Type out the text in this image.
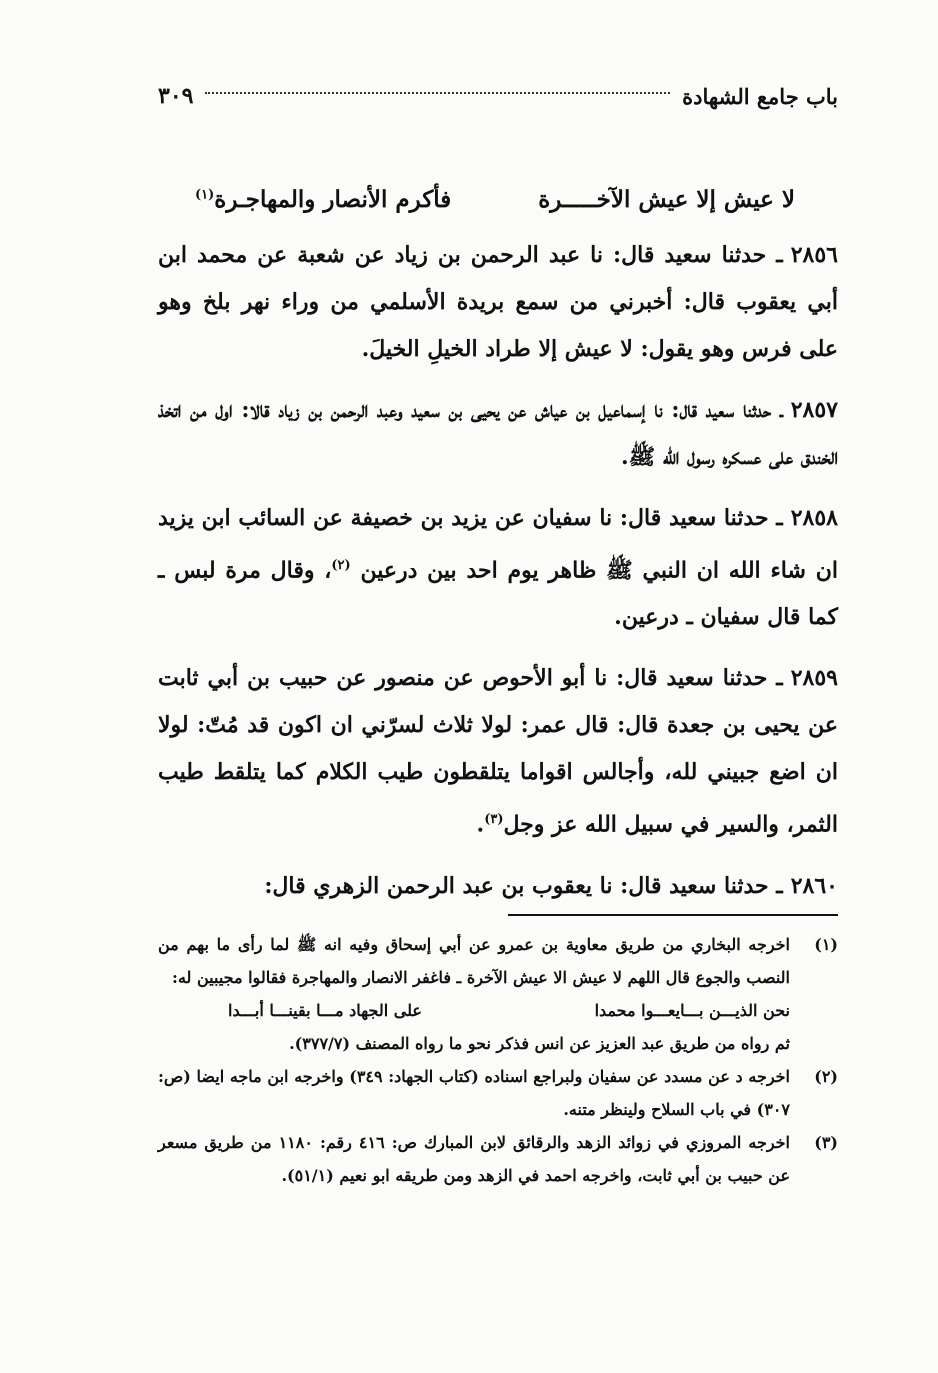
باب جامع الشهادة
٣٠٩
لا عيش إلا عيش الآخـــــرة
فأكرم الأنصار والمهاجـرة$^{(١)}$

٢٨٥٦ـ حدثنا سعيد قال: نا عبد الرحمن بن زياد عن شعبة عن محمد ابن أبي يعقوب قال: أخبرني من سمع بريدة الأسلمي من وراء نهر بلخ وهو على فرس وهو يقول: لا عيش إلا طراد الخيلِ الخيلَ.

٢٨٥٧ـ حدثنا سعيد قال: نا إسماعيل بن عياش عن يحيى بن سعيد وعبد الرحمن بن زياد قالا: اول من اتخذ الخندق على عسكره رسول الله ﷺ.

٢٨٥٨ـ حدثنا سعيد قال: نا سفيان عن يزيد بن خصيفة عن السائب ابن يزيد ان شاء الله ان النبي ﷺ ظاهر يوم احد بين درعين $^{(٢)}$، وقال مرة لبس ـ كما قال سفيان ـ درعين.

٢٨٥٩ـ حدثنا سعيد قال: نا أبو الأحوص عن منصور عن حبيب بن أبي ثابت عن يحيى بن جعدة قال: قال عمر: لولا ثلاث لسرّني ان اكون قد مُتّ: لولا ان اضع جبيني لله، وأجالس اقواما يتلقطون طيب الكلام كما يتلقط طيب الثمر، والسير في سبيل الله عز وجل$^{(٣)}$.

٢٨٦٠ـ حدثنا سعيد قال: نا يعقوب بن عبد الرحمن الزهري قال:

(١)
اخرجه البخاري من طريق معاوية بن عمرو عن أبي إسحاق وفيه انه ﷺ لما رأى ما بهم من النصب والجوع قال اللهم لا عيش الا عيش الآخرة ـ فاغفر الانصار والمهاجرة فقالوا مجيبين له:
نحن الذيـــن بـــايعـــوا محمدا
على الجهاد مـــا بقينـــا أبـــدا
ثم رواه من طريق عبد العزيز عن انس فذكر نحو ما رواه المصنف (٣٧٧/٧).
(٢)
اخرجه د عن مسدد عن سفيان ولبراجع اسناده (كتاب الجهاد: ٣٤٩) واخرجه ابن ماجه ايضا (ص: ٣٠٧) في باب السلاح ولينظر متنه.
(٣)
اخرجه المروزي في زوائد الزهد والرقائق لابن المبارك ص: ٤١٦ رقم: ١١٨٠ من طريق مسعر عن حبيب بن أبي ثابت، واخرجه احمد في الزهد ومن طريقه ابو نعيم (٥١/١).
